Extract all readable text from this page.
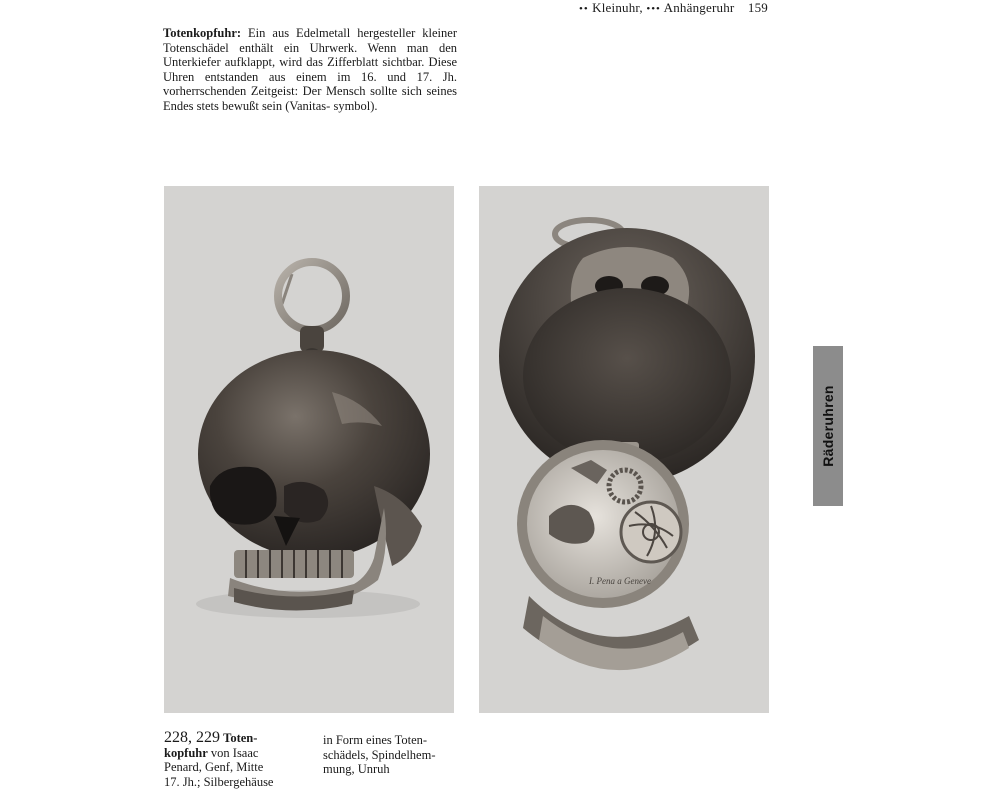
•• Kleinuhr, ••• Anhängeruhr 159
Totenkopfuhr: Ein aus Edelmetall hergesteller kleiner Totenschädel enthält ein Uhrwerk. Wenn man den Unterkiefer aufklappt, wird das Zifferblatt sichtbar. Diese Uhren entstanden aus einem im 16. und 17. Jh. vorherrschenden Zeitgeist: Der Mensch sollte sich seines Endes stets bewußt sein (Vanitas- symbol).
I. Pena a Geneve
Räderuhren
228, 229 Toten-
kopfuhr von Isaac
Penard, Genf, Mitte
17. Jh.; Silbergehäuse
in Form eines Toten-
schädels, Spindelhem-
mung, Unruh
